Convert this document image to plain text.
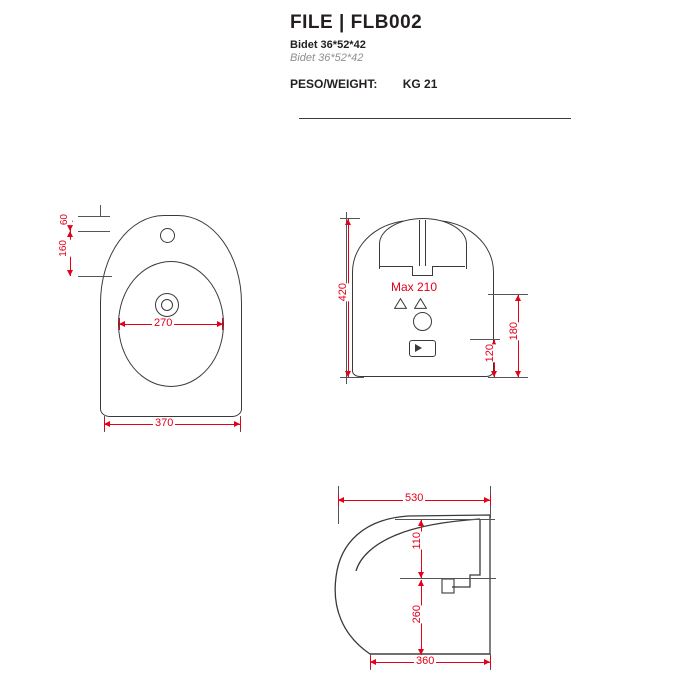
FILE | FLB002
Bidet 36*52*42
Bidet 36*52*42
PESO/WEIGHT: KG 21
60
160
270
370
420	Max 210
180
120
530
110
260
360
